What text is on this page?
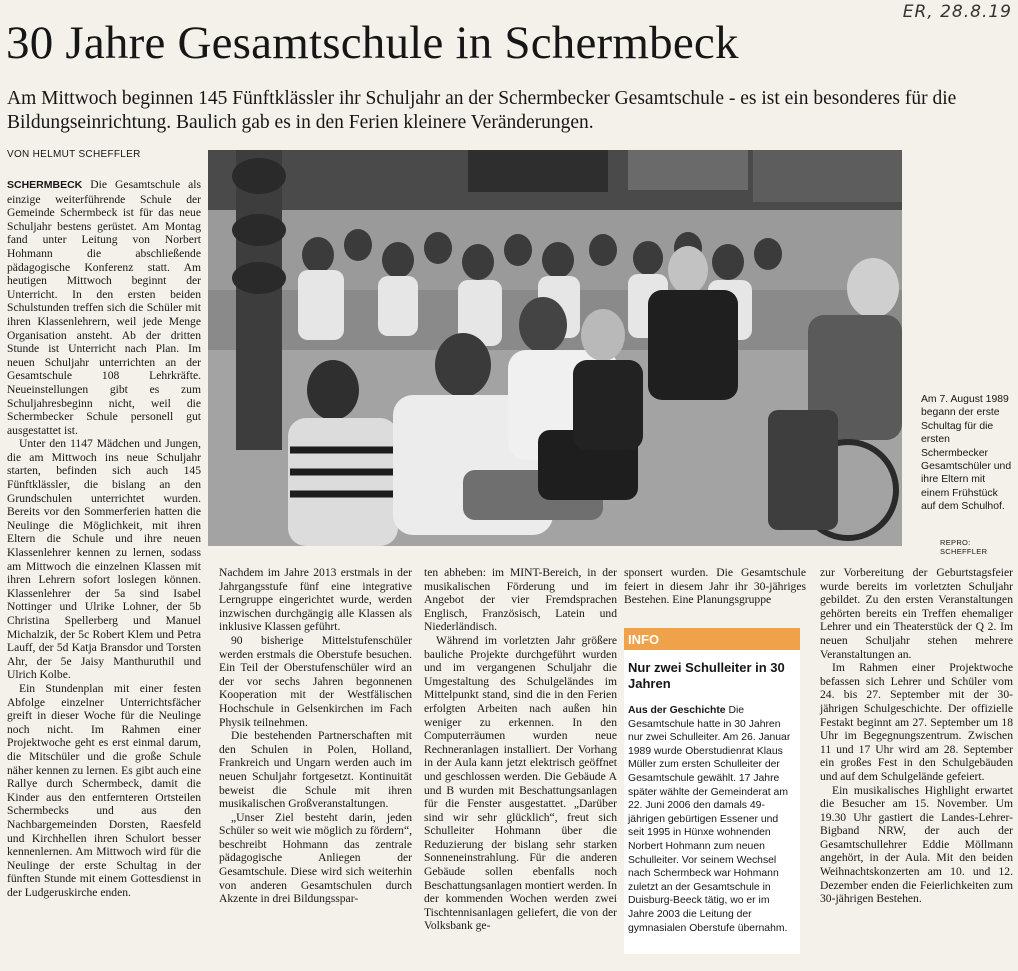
ER, 28.8.19
30 Jahre Gesamtschule in Schermbeck

Am Mittwoch beginnen 145 Fünftklässler ihr Schuljahr an der Schermbecker Gesamtschule - es ist ein besonderes für die Bildungseinrichtung. Baulich gab es in den Ferien kleinere Veränderungen.

VON HELMUT SCHEFFLER
Am 7. August 1989 begann der erste Schultag für die ersten Schermbecker Gesamtschüler und ihre Eltern mit einem Frühstück auf dem Schulhof.
REPRO: SCHEFFLER

SCHERMBECK Die Gesamtschule als einzige weiterführende Schule der Gemeinde Schermbeck ist für das neue Schuljahr bestens gerüstet. Am Montag fand unter Leitung von Norbert Hohmann die abschließende pädagogische Konferenz statt. Am heutigen Mittwoch beginnt der Unterricht. In den ersten beiden Schulstunden treffen sich die Schüler mit ihren Klassenlehrern, weil jede Menge Organisation ansteht. Ab der dritten Stunde ist Unterricht nach Plan. Im neuen Schuljahr unterrichten an der Gesamtschule 108 Lehrkräfte. Neueinstellungen gibt es zum Schuljahresbeginn nicht, weil die Schermbecker Schule personell gut ausgestattet ist.

Unter den 1147 Mädchen und Jungen, die am Mittwoch ins neue Schuljahr starten, befinden sich auch 145 Fünftklässler, die bislang an den Grundschulen unterrichtet wurden. Bereits vor den Sommerferien hatten die Neulinge die Möglichkeit, mit ihren Eltern die Schule und ihre neuen Klassenlehrer kennen zu lernen, sodass am Mittwoch die einzelnen Klassen mit ihren Lehrern sofort loslegen können. Klassenlehrer der 5a sind Isabel Nottinger und Ulrike Lohner, der 5b Christina Spellerberg und Manuel Michalzik, der 5c Robert Klem und Petra Lauff, der 5d Katja Bransdor und Torsten Ahr, der 5e Jaisy Manthuruthil und Ulrich Kolbe.

Ein Stundenplan mit einer festen Abfolge einzelner Unterrichtsfächer greift in dieser Woche für die Neulinge noch nicht. Im Rahmen einer Projektwoche geht es erst einmal darum, die Mitschüler und die große Schule näher kennen zu lernen. Es gibt auch eine Rallye durch Schermbeck, damit die Kinder aus den entfernteren Ortsteilen Schermbecks und aus den Nachbargemeinden Dorsten, Raesfeld und Kirchhellen ihren Schulort besser kennenlernen. Am Mittwoch wird für die Neulinge der erste Schultag in der fünften Stunde mit einem Gottesdienst in der Ludgeruskirche enden.

Nachdem im Jahre 2013 erstmals in der Jahrgangsstufe fünf eine integrative Lerngruppe eingerichtet wurde, werden inzwischen durchgängig alle Klassen als inklusive Klassen geführt.

90 bisherige Mittelstufenschüler werden erstmals die Oberstufe besuchen. Ein Teil der Oberstufenschüler wird an der vor sechs Jahren begonnenen Kooperation mit der Westfälischen Hochschule in Gelsenkirchen im Fach Physik teilnehmen.

Die bestehenden Partnerschaften mit den Schulen in Polen, Holland, Frankreich und Ungarn werden auch im neuen Schuljahr fortgesetzt. Kontinuität beweist die Schule mit ihren musikalischen Großveranstaltungen.

„Unser Ziel besteht darin, jeden Schüler so weit wie möglich zu fördern“, beschreibt Hohmann das zentrale pädagogische Anliegen der Gesamtschule. Diese wird sich weiterhin von anderen Gesamtschulen durch Akzente in drei Bildungsspar-

ten abheben: im MINT-Bereich, in der musikalischen Förderung und im Angebot der vier Fremdsprachen Englisch, Französisch, Latein und Niederländisch.

Während im vorletzten Jahr größere bauliche Projekte durchgeführt wurden und im vergangenen Schuljahr die Umgestaltung des Schulgeländes im Mittelpunkt stand, sind die in den Ferien erfolgten Arbeiten nach außen hin weniger zu erkennen. In den Computerräumen wurden neue Rechneranlagen installiert. Der Vorhang in der Aula kann jetzt elektrisch geöffnet und geschlossen werden. Die Gebäude A und B wurden mit Beschattungsanlagen für die Fenster ausgestattet. „Darüber sind wir sehr glücklich“, freut sich Schulleiter Hohmann über die Reduzierung der bislang sehr starken Sonneneinstrahlung. Für die anderen Gebäude sollen ebenfalls noch Beschattungsanlagen montiert werden. In der kommenden Wochen werden zwei Tischtennisanlagen geliefert, die von der Volksbank ge-

sponsert wurden. Die Gesamtschule feiert in diesem Jahr ihr 30-jähriges Bestehen. Eine Planungsgruppe

INFO
Nur zwei Schulleiter in 30 Jahren

Aus der Geschichte Die Gesamtschule hatte in 30 Jahren nur zwei Schulleiter. Am 26. Januar 1989 wurde Oberstudienrat Klaus Müller zum ersten Schulleiter der Gesamtschule gewählt. 17 Jahre später wählte der Gemeinderat am 22. Juni 2006 den damals 49-jährigen gebürtigen Essener und seit 1995 in Hünxe wohnenden Norbert Hohmann zum neuen Schulleiter. Vor seinem Wechsel nach Schermbeck war Hohmann zuletzt an der Gesamtschule in Duisburg-Beeck tätig, wo er im Jahre 2003 die Leitung der gymnasialen Oberstufe übernahm.

zur Vorbereitung der Geburtstagsfeier wurde bereits im vorletzten Schuljahr gebildet. Zu den ersten Veranstaltungen gehörten bereits ein Treffen ehemaliger Lehrer und ein Theaterstück der Q 2. Im neuen Schuljahr stehen mehrere Veranstaltungen an.

Im Rahmen einer Projektwoche befassen sich Lehrer und Schüler vom 24. bis 27. September mit der 30-jährigen Schulgeschichte. Der offizielle Festakt beginnt am 27. September um 18 Uhr im Begegnungszentrum. Zwischen 11 und 17 Uhr wird am 28. September ein großes Fest in den Schulgebäuden und auf dem Schulgelände gefeiert.

Ein musikalisches Highlight erwartet die Besucher am 15. November. Um 19.30 Uhr gastiert die Landes-Lehrer-Bigband NRW, der auch der Gesamtschullehrer Eddie Möllmann angehört, in der Aula. Mit den beiden Weihnachtskonzerten am 10. und 12. Dezember enden die Feierlichkeiten zum 30-jährigen Bestehen.
